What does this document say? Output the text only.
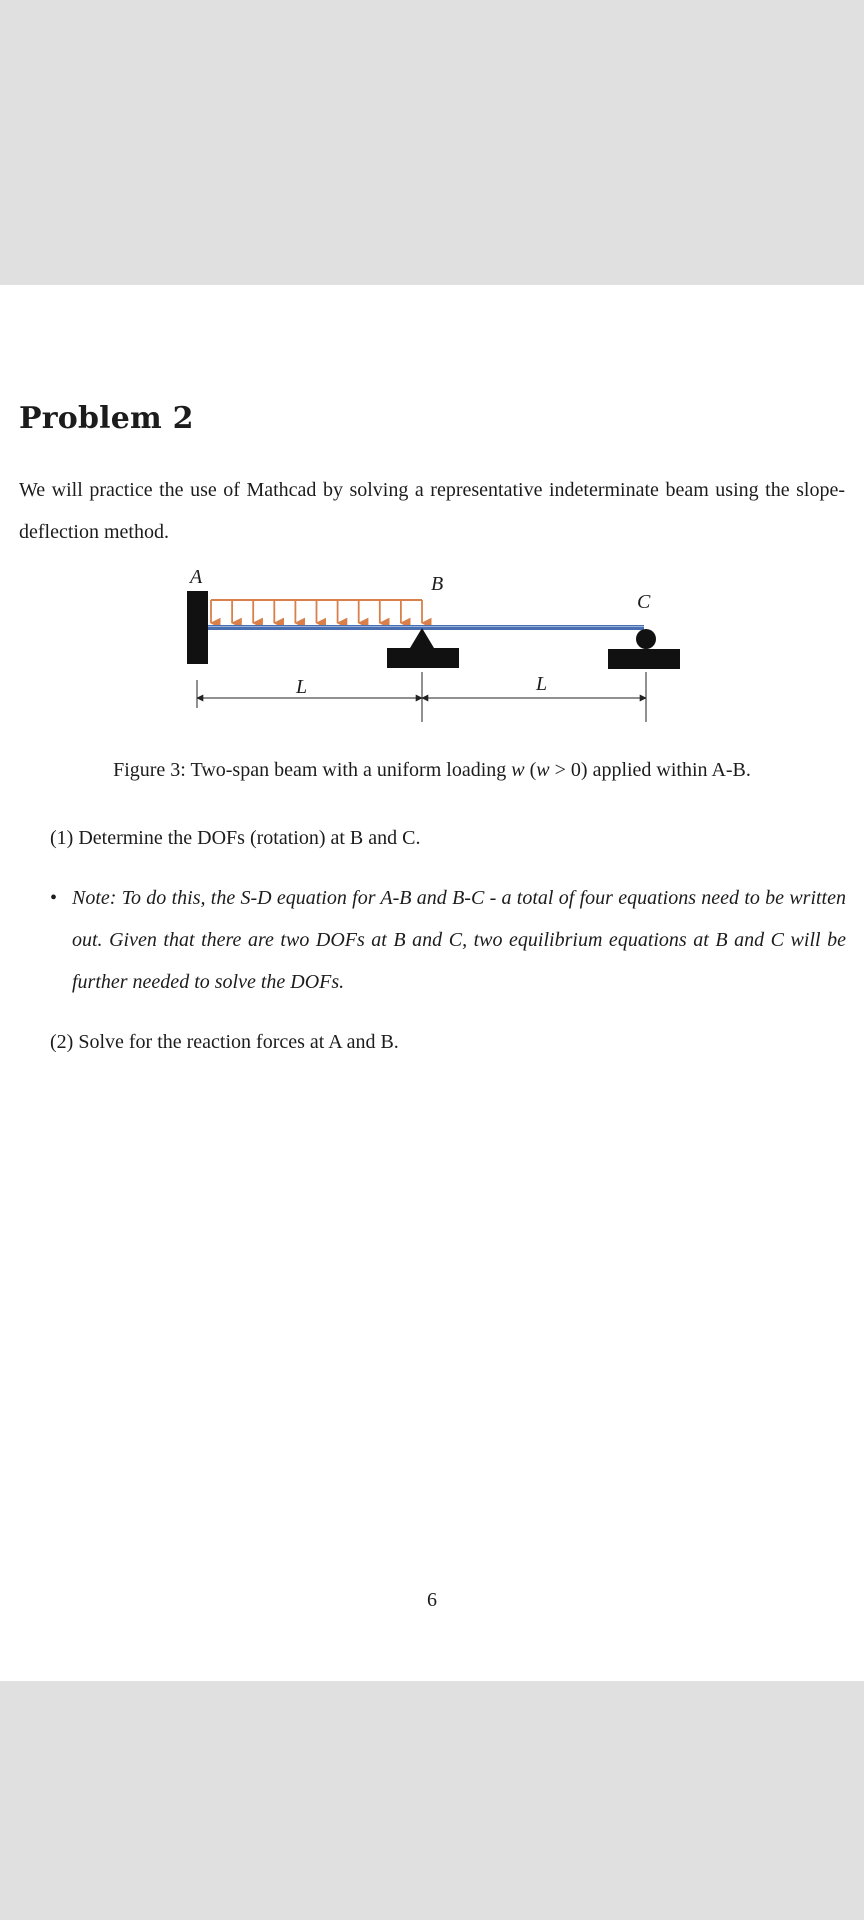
Problem 2

We will practice the use of Mathcad by solving a representative indeterminate beam using the slope-deflection method.

A	B
C
L	L

Figure 3: Two-span beam with a uniform loading w (w > 0) applied within A-B.

(1) Determine the DOFs (rotation) at B and C.

• Note: To do this, the S-D equation for A-B and B-C - a total of four equations need to be written out. Given that there are two DOFs at B and C, two equilibrium equations at B and C will be further needed to solve the DOFs.

(2) Solve for the reaction forces at A and B.

6
